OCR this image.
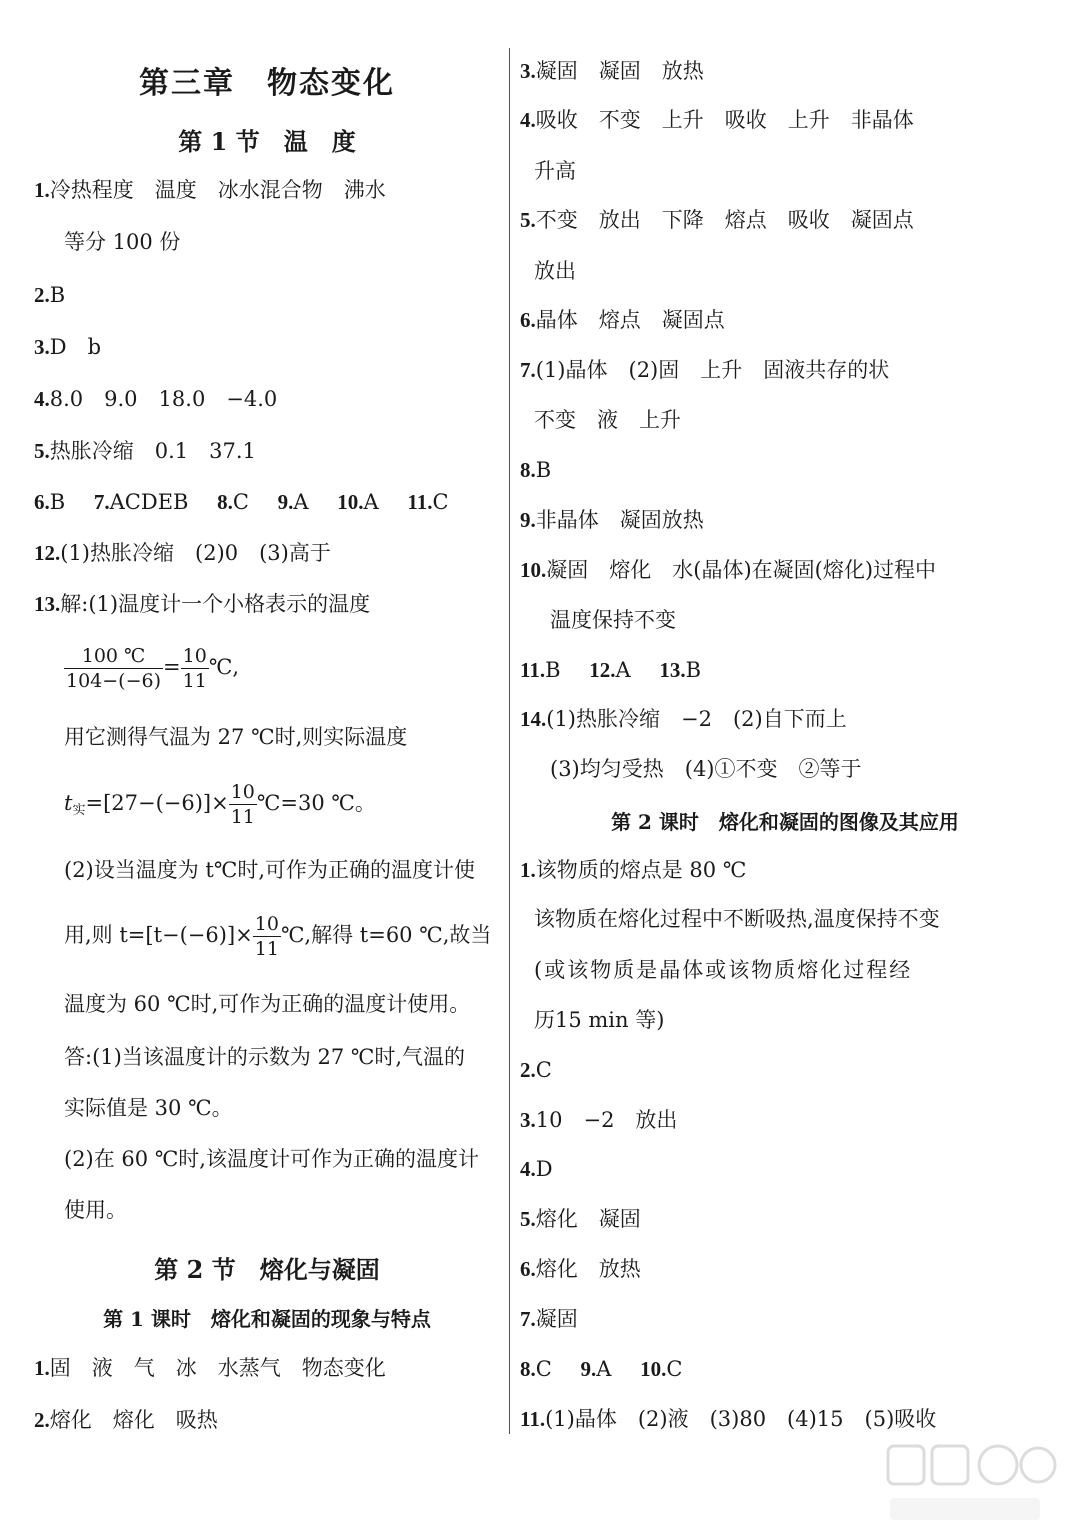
第三章　物态变化
第 1 节　温　度
1.冷热程度　温度　冰水混合物　沸水
等分 100 份
2.B
3.D　b
4.8.0　9.0　18.0　−4.0
5.热胀冷缩　0.1　37.1
6.B 7.ACDEB 8.C 9.A 10.A 11.C
12.(1)热胀冷缩　(2)0　(3)高于
13.解:(1)温度计一个小格表示的温度
$\frac{100 ℃}{104-(-6)} = \frac{10}{11}$ ℃,
用它测得气温为 27 ℃时,则实际温度
$t_实=[27-(-6)]\times \frac{10}{11}$ ℃=30 ℃。
(2)设当温度为 t℃时,可作为正确的温度计使
用,则 $t=[t-(-6)]\times \frac{10}{11}$ ℃,解得 t=60 ℃,故当
温度为 60 ℃时,可作为正确的温度计使用。
答:(1)当该温度计的示数为 27 ℃时,气温的
实际值是 30 ℃。
(2)在 60 ℃时,该温度计可作为正确的温度计
使用。
第 2 节　熔化与凝固
第 1 课时　熔化和凝固的现象与特点
1.固　液　气　冰　水蒸气　物态变化
2.熔化　熔化　吸热
3.凝固　凝固　放热
4.吸收　不变　上升　吸收　上升　非晶体
升高
5.不变　放出　下降　熔点　吸收　凝固点
放出
6.晶体　熔点　凝固点
7.(1)晶体　(2)固　上升　固液共存的状
不变　液　上升
8.B
9.非晶体　凝固放热
10.凝固　熔化　水(晶体)在凝固(熔化)过程中
温度保持不变
11.B 12.A 13.B
14.(1)热胀冷缩　−2　(2)自下而上
(3)均匀受热　(4)①不变　②等于
第 2 课时　熔化和凝固的图像及其应用
1.该物质的熔点是 80 ℃
该物质在熔化过程中不断吸热,温度保持不变
(或该物质是晶体或该物质熔化过程经
历15 min 等)
2.C
3.10　−2　放出
4.D
5.熔化　凝固
6.熔化　放热
7.凝固
8.C 9.A 10.C
11.(1)晶体　(2)液　(3)80　(4)15　(5)吸收
